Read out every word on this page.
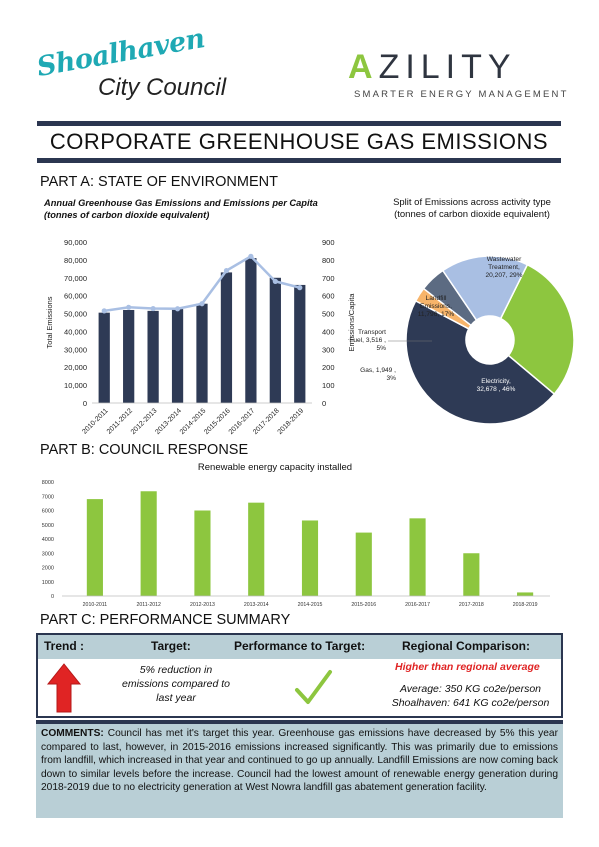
Shoalhaven
City Council
AZILITY
SMARTER ENERGY MANAGEMENT
CORPORATE GREENHOUSE GAS EMISSIONS
PART A: STATE OF ENVIRONMENT
Annual Greenhouse Gas Emissions and Emissions per Capita (tonnes of carbon dioxide equivalent)
Split of Emissions across activity type (tonnes of carbon dioxide equivalent)
0
10,000
20,000
30,000
40,000
50,000
60,000
70,000
80,000
90,000
0
100
200
300
400
500
600
700
800
900
Total Emissions	Emissions/Capita
2010-2011
2011-2012
2012-2013
2013-2014
2014-2015
2015-2016
2016-2017
2017-2018
2018-2019
Wastewater Treatment, 20,207, 29%
Electricity, 32,678 , 46%
Landfill Emissions, 11,796, 17%
Transport Fuel, 3,516 , 5%
Gas, 1,949 , 3%
PART B: COUNCIL RESPONSE
Renewable energy capacity installed
0
1000
2000
3000
4000
5000
6000
7000
8000
2010-2011	2011-2012	2012-2013	2013-2014	2014-2015	2015-2016	2016-2017	2017-2018	2018-2019
PART C: PERFORMANCE SUMMARY
Trend :	Target:	Performance to Target:	Regional Comparison:
5% reduction in emissions compared to last year
Higher than regional average
Average: 350 KG co2e/person
Shoalhaven: 641 KG co2e/person
COMMENTS: Council has met it's target this year. Greenhouse gas emissions have decreased by 5% this year compared to last, however, in 2015-2016 emissions increased significantly. This was primarily due to emissions from landfill, which increased in that year and continued to go up annually. Landfill Emissions are now coming back down to similar levels before the increase. Council had the lowest amount of renewable energy generation during 2018-2019 due to no electricity generation at West Nowra landfill gas abatement generation facility.
